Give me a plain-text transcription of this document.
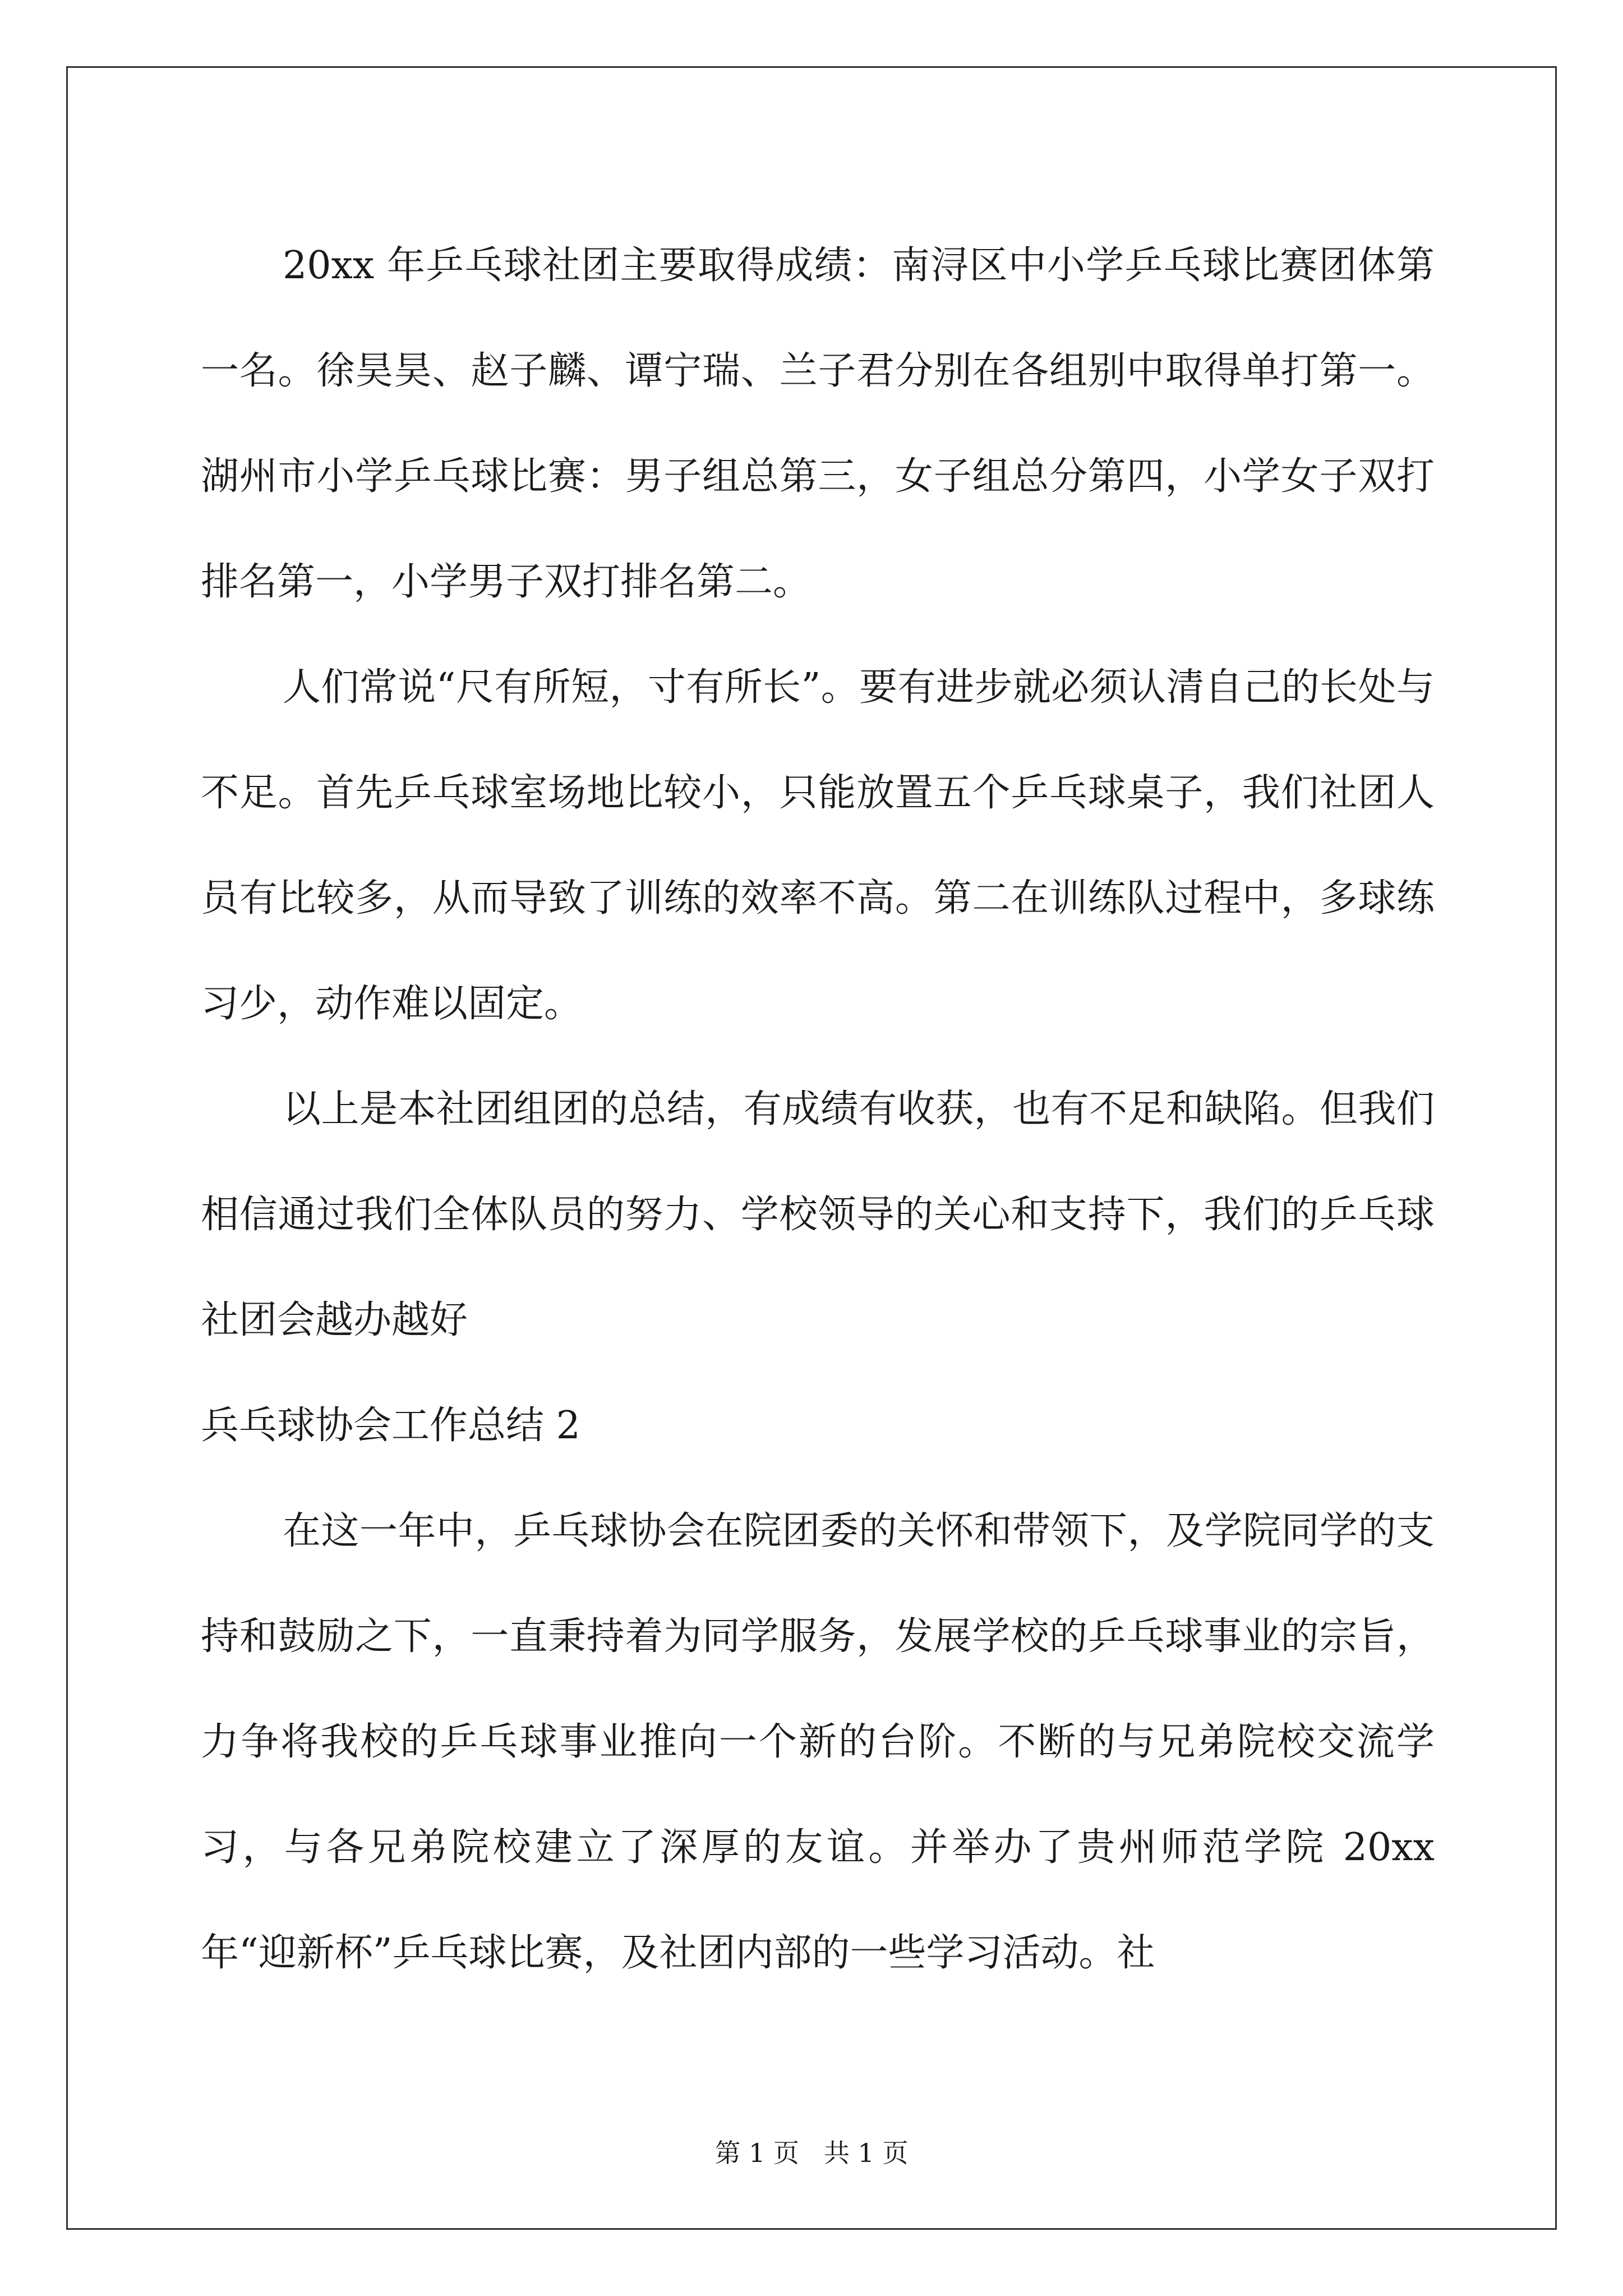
20xx 年乒乓球社团主要取得成绩：南浔区中小学乒乓球比赛团体第一名。徐昊昊、赵子麟、谭宁瑞、兰子君分别在各组别中取得单打第一。湖州市小学乒乓球比赛：男子组总第三，女子组总分第四，小学女子双打排名第一，小学男子双打排名第二。

人们常说“尺有所短，寸有所长”。要有进步就必须认清自己的长处与不足。首先乒乓球室场地比较小，只能放置五个乒乓球桌子，我们社团人员有比较多，从而导致了训练的效率不高。第二在训练队过程中，多球练习少，动作难以固定。

以上是本社团组团的总结，有成绩有收获，也有不足和缺陷。但我们相信通过我们全体队员的努力、学校领导的关心和支持下，我们的乒乓球社团会越办越好

兵乓球协会工作总结 2

在这一年中，乒乓球协会在院团委的关怀和带领下，及学院同学的支持和鼓励之下，一直秉持着为同学服务，发展学校的乒乓球事业的宗旨，力争将我校的乒乓球事业推向一个新的台阶。不断的与兄弟院校交流学习，与各兄弟院校建立了深厚的友谊。并举办了贵州师范学院 20xx 年“迎新杯”乒乓球比赛，及社团内部的一些学习活动。社

第 1 页 共 1 页
